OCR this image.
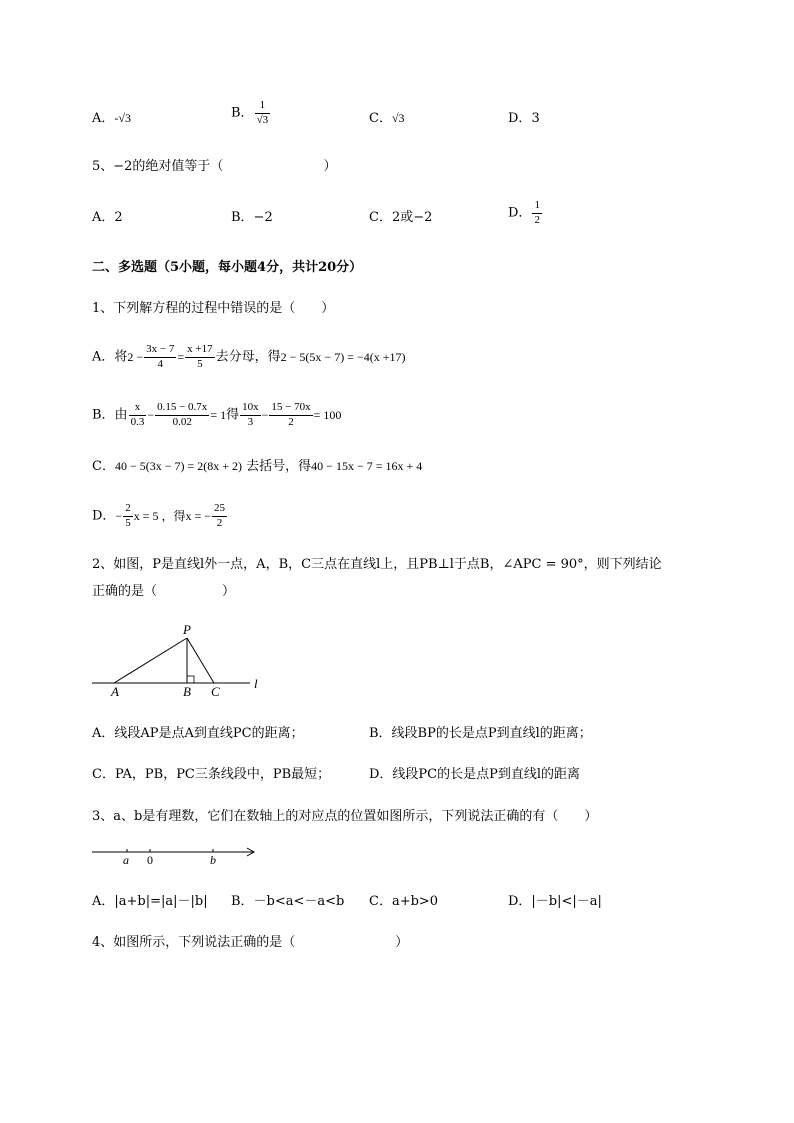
A．-√3	B． $\frac{1}{√3}$	C．√3	D．3
5、−2的绝对值等于（	）
A．2	B．−2	C．2或−2	D． $\frac{1}{2}$
二、多选题（5小题，每小题4分，共计20分）
1、下列解方程的过程中错误的是（　　）
A．将$2 - \frac{3x - 7}{4} = \frac{x +17}{5}$ 去分母，得2 − 5(5x − 7) = −4(x +17)
B．由 $\frac{x}{0.3} - \frac{0.15 - 0.7x}{0.02} = 1$得 $\frac{10x}{3} - \frac{15 - 70x}{2} = 100$
C．40 − 5(3x − 7) = 2(8x + 2) 去括号，得40 − 15x − 7 = 16x + 4
D．− $\frac{2}{5}$ x = 5 ，得x = − $\frac{25}{2}$
2、如图，P是直线l外一点，A，B，C三点在直线l上，且PB⊥l于点B，∠APC = 90°，则下列结论
正确的是（　　　　　）
P
A	B C
l
A．线段AP是点A到直线PC的距离；	B．线段BP的长是点P到直线l的距离；
C．PA，PB，PC三条线段中，PB最短；	D．线段PC的长是点P到直线l的距离
3、a、b是有理数，它们在数轴上的对应点的位置如图所示，下列说法正确的有（　　）
a 0	b
A．|a+b|=|a|－|b| B．－b<a<－a<b C．a+b>0	D．|－b|<|－a|
4、如图所示，下列说法正确的是（	）
